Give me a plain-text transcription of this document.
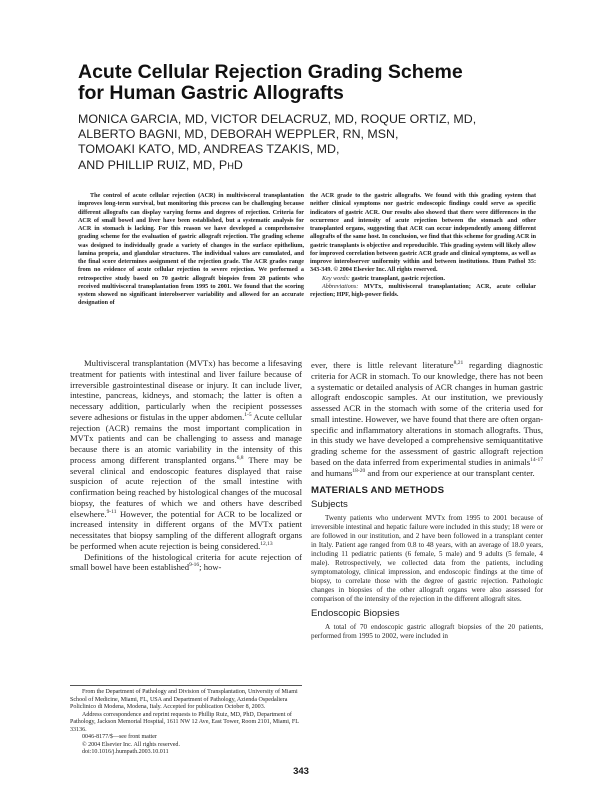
Acute Cellular Rejection Grading Scheme
for Human Gastric Allografts
MONICA GARCIA, MD, VICTOR DELACRUZ, MD, ROQUE ORTIZ, MD,
ALBERTO BAGNI, MD, DEBORAH WEPPLER, RN, MSN,
TOMOAKI KATO, MD, ANDREAS TZAKIS, MD,
AND PHILLIP RUIZ, MD, PHD

The control of acute cellular rejection (ACR) in multivisceral transplantation improves long-term survival, but monitoring this process can be challenging because different allografts can display varying forms and degrees of rejection. Criteria for ACR of small bowel and liver have been established, but a systematic analysis for ACR in stomach is lacking. For this reason we have developed a comprehensive grading scheme for the evaluation of gastric allograft rejection. The grading scheme was designed to individually grade a variety of changes in the surface epithelium, lamina propria, and glandular structures. The individual values are cumulated, and the final score determines assignment of the rejection grade. The ACR grades range from no evidence of acute cellular rejection to severe rejection. We performed a retrospective study based on 70 gastric allograft biopsies from 20 patients who received multivisceral transplantation from 1995 to 2001. We found that the scoring system showed no significant interobserver variability and allowed for an accurate designation of

the ACR grade to the gastric allografts. We found with this grading system that neither clinical symptoms nor gastric endoscopic findings could serve as specific indicators of gastric ACR. Our results also showed that there were differences in the occurrence and intensity of acute rejection between the stomach and other transplanted organs, suggesting that ACR can occur independently among different allografts of the same host. In conclusion, we find that this scheme for grading ACR in gastric transplants is objective and reproducible. This grading system will likely allow for improved correlation between gastric ACR grade and clinical symptoms, as well as improve interobserver uniformity within and between institutions. Hum Pathol 35: 343-349. © 2004 Elsevier Inc. All rights reserved.

Key words: gastric transplant, gastric rejection.

Abbreviations: MVTx, multivisceral transplantation; ACR, acute cellular rejection; HPF, high-power fields.

Multivisceral transplantation (MVTx) has become a lifesaving treatment for patients with intestinal and liver failure because of irreversible gastrointestinal disease or injury. It can include liver, intestine, pancreas, kidneys, and stomach; the latter is often a necessary addition, particularly when the recipient possesses severe adhesions or fistulas in the upper abdomen.$^{1-5}$ Acute cellular rejection (ACR) remains the most important complication in MVTx patients and can be challenging to assess and manage because there is an atomic variability in the intensity of this process among different transplanted organs.$^{6,8}$ There may be several clinical and endoscopic features displayed that raise suspicion of acute rejection of the small intestine with confirmation being reached by histological changes of the mucosal biopsy, the features of which we and others have described elsewhere.$^{9-11}$ However, the potential for ACR to be localized or increased intensity in different organs of the MVTx patient necessitates that biopsy sampling of the different allograft organs be performed when acute rejection is being considered.$^{12,13}$

Definitions of the histological criteria for acute rejection of small bowel have been established$^{9-16}$; how-

ever, there is little relevant literature$^{8,21}$ regarding diagnostic criteria for ACR in stomach. To our knowledge, there has not been a systematic or detailed analysis of ACR changes in human gastric allograft endoscopic samples. At our institution, we previously assessed ACR in the stomach with some of the criteria used for small intestine. However, we have found that there are often organ-specific and inflammatory alterations in stomach allografts. Thus, in this study we have developed a comprehensive semiquantitative grading scheme for the assessment of gastric allograft rejection based on the data inferred from experimental studies in animals$^{14-17}$ and humans$^{18-20}$ and from our experience at our transplant center.

MATERIALS AND METHODS
Subjects

Twenty patients who underwent MVTx from 1995 to 2001 because of irreversible intestinal and hepatic failure were included in this study; 18 were or are followed in our institution, and 2 have been followed in a transplant center in Italy. Patient age ranged from 0.8 to 48 years, with an average of 18.0 years, including 11 pediatric patients (6 female, 5 male) and 9 adults (5 female, 4 male). Retrospectively, we collected data from the patients, including symptomatology, clinical impression, and endoscopic findings at the time of biopsy, to correlate those with the degree of gastric rejection. Pathologic changes in biopsies of the other allograft organs were also assessed for comparison of the intensity of the rejection in the different allograft sites.

Endoscopic Biopsies

A total of 70 endoscopic gastric allograft biopsies of the 20 patients, performed from 1995 to 2002, were included in

From the Department of Pathology and Division of Transplantation, University of Miami School of Medicine, Miami, FL, USA and Department of Pathology, Azienda Ospedaliera Policlinico di Modena, Modena, Italy. Accepted for publication October 8, 2003.

Address correspondence and reprint requests to Phillip Ruiz, MD, PhD, Department of Pathology, Jackson Memorial Hospital, 1611 NW 12 Ave, East Tower, Room 2101, Miami, FL 33136.

0046-8177/$—see front matter

© 2004 Elsevier Inc. All rights reserved.

doi:10.1016/j.humpath.2003.10.011

343
